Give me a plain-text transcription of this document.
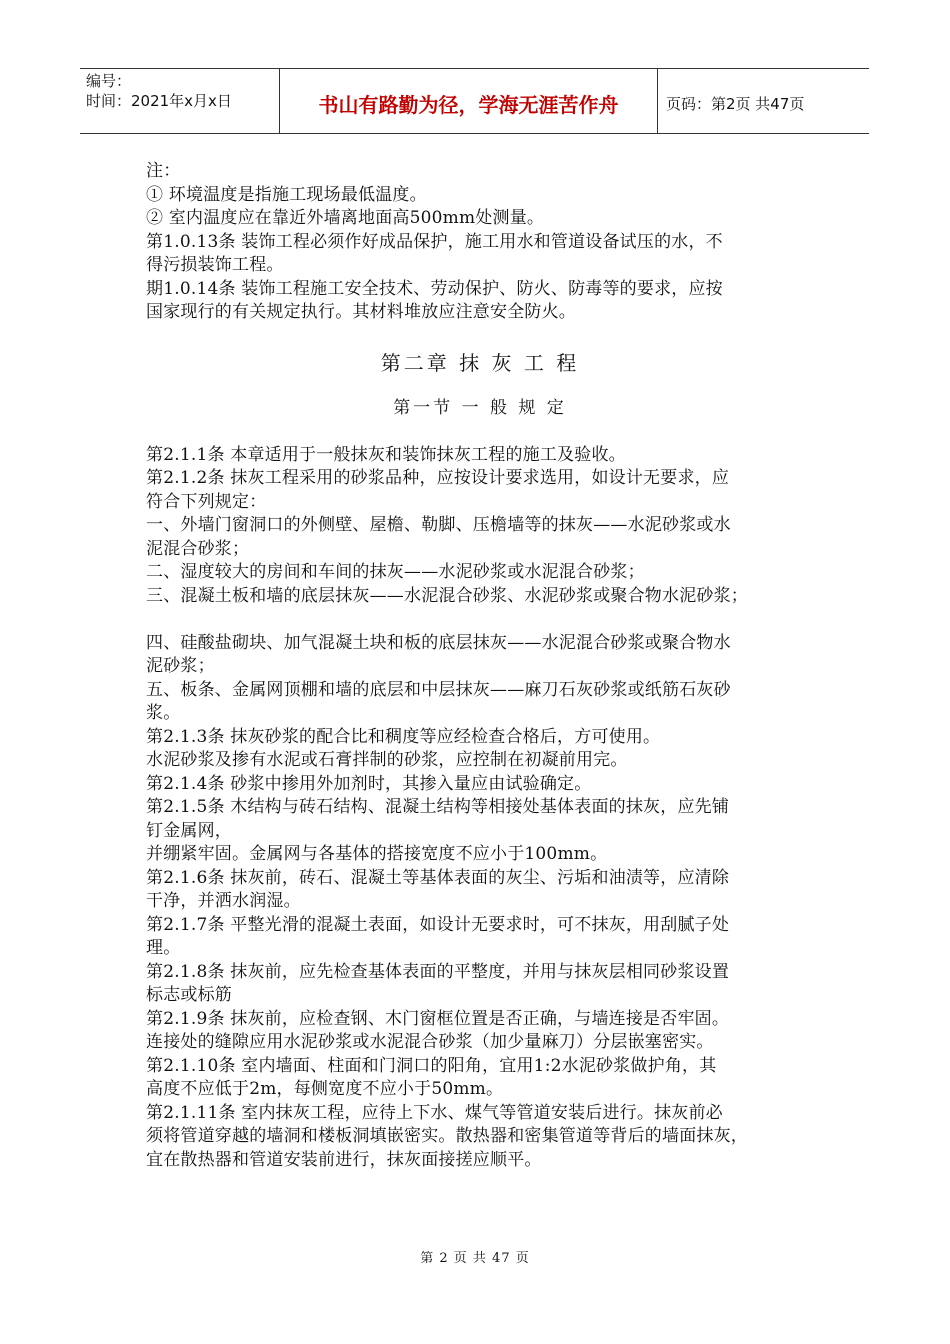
编号：
时间：2021年x月x日	书山有路勤为径，学海无涯苦作舟	页码：第2页 共47页
注：
① 环境温度是指施工现场最低温度。
② 室内温度应在靠近外墙离地面高500mm处测量。
第1.0.13条 装饰工程必须作好成品保护，施工用水和管道设备试压的水，不
得污损装饰工程。
期1.0.14条 装饰工程施工安全技术、劳动保护、防火、防毒等的要求，应按
国家现行的有关规定执行。其材料堆放应注意安全防火。
第二章 抹 灰 工 程
第一节 一 般 规 定
第2.1.1条 本章适用于一般抹灰和装饰抹灰工程的施工及验收。
第2.1.2条 抹灰工程采用的砂浆品种，应按设计要求选用，如设计无要求，应
符合下列规定：
一、外墙门窗洞口的外侧壁、屋檐、勒脚、压檐墙等的抹灰——水泥砂浆或水
泥混合砂浆；
二、湿度较大的房间和车间的抹灰——水泥砂浆或水泥混合砂浆；
三、混凝土板和墙的底层抹灰——水泥混合砂浆、水泥砂浆或聚合物水泥砂浆；
四、硅酸盐砌块、加气混凝土块和板的底层抹灰——水泥混合砂浆或聚合物水
泥砂浆；
五、板条、金属网顶棚和墙的底层和中层抹灰——麻刀石灰砂浆或纸筋石灰砂
浆。
第2.1.3条 抹灰砂浆的配合比和稠度等应经检查合格后，方可使用。
水泥砂浆及掺有水泥或石膏拌制的砂浆，应控制在初凝前用完。
第2.1.4条 砂浆中掺用外加剂时，其掺入量应由试验确定。
第2.1.5条 木结构与砖石结构、混凝土结构等相接处基体表面的抹灰，应先铺
钉金属网，
并绷紧牢固。金属网与各基体的搭接宽度不应小于100mm。
第2.1.6条 抹灰前，砖石、混凝土等基体表面的灰尘、污垢和油渍等，应清除
干净，并洒水润湿。
第2.1.7条 平整光滑的混凝土表面，如设计无要求时，可不抹灰，用刮腻子处
理。
第2.1.8条 抹灰前，应先检查基体表面的平整度，并用与抹灰层相同砂浆设置
标志或标筋
第2.1.9条 抹灰前，应检查钢、木门窗框位置是否正确，与墙连接是否牢固。
连接处的缝隙应用水泥砂浆或水泥混合砂浆（加少量麻刀）分层嵌塞密实。
第2.1.10条 室内墙面、柱面和门洞口的阳角，宜用1:2水泥砂浆做护角，其
高度不应低于2m，每侧宽度不应小于50mm。
第2.1.11条 室内抹灰工程，应待上下水、煤气等管道安装后进行。抹灰前必
须将管道穿越的墙洞和楼板洞填嵌密实。散热器和密集管道等背后的墙面抹灰，
宜在散热器和管道安装前进行，抹灰面接搓应顺平。
第 2 页 共 47 页
